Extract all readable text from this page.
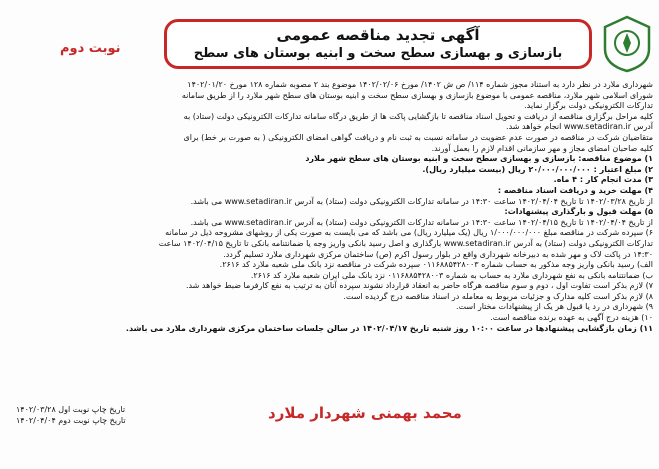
آگهی تجدید مناقصه عمومی
بازسازی و بهسازی سطح سخت و ابنیه بوستان های سطح
نوبت دوم

شهرداری ملارد در نظر دارد به استناد مجوز شماره ۱۱۴/ ص ش ۱۴۰۲/ مورخ ۱۴۰۲/۰۲/۰۶ موضوع بند ۲ مصوبه شماره ۱۲۸ مورخ ۱۴۰۲/۰۱/۲۰

شورای اسلامی شهر ملارد، مناقصه عمومی با موضوع بازسازی و بهسازی سطح سخت و ابنیه بوستان های سطح شهر ملارد را از طریق سامانه

تدارکات الکترونیکی دولت برگزار نماید.

کلیه مراحل برگزاری مناقصه از دریافت و تحویل اسناد مناقصه تا بازگشایی پاکت ها از طریق درگاه سامانه تدارکات الکترونیکی دولت (ستاد) به

آدرس www.setadiran.ir انجام خواهد شد.

متقاضیان شرکت در مناقصه در صورت عدم عضویت در سامانه نسبت به ثبت نام و دریافت گواهی امضای الکترونیکی ( به صورت بر خط) برای

کلیه صاحبان امضای مجاز و مهر سازمانی اقدام لازم را بعمل آورند.

۱) موضوع مناقصه: بازسازی و بهسازی سطح سخت و ابنیه بوستان های سطح شهر ملارد

۲) مبلغ اعتبار : ۲۰/۰۰۰/۰۰۰/۰۰۰ ریال (بیست میلیارد ریال).

۳) مدت انجام کار : ۴ ماه.

۴) مهلت خرید و دریافت اسناد مناقصه :

از تاریخ ۱۴۰۲/۰۳/۲۸ تا تاریخ ۱۴۰۲/۰۴/۰۴ ساعت ۱۴:۳۰ در سامانه تدارکات الکترونیکی دولت (ستاد) به آدرس www.setadiran.ir می باشد.

۵) مهلت قبول و بارگذاری پیشنهادات:

از تاریخ ۱۴۰۲/۰۴/۰۴ تا تاریخ ۱۴۰۲/۰۴/۱۵ ساعت ۱۴:۳۰ در سامانه تدارکات الکترونیکی دولت (ستاد) به آدرس www.setadiran.ir می باشد.

۶) سپرده شرکت در مناقصه مبلغ ۱/۰۰۰/۰۰۰/۰۰۰ ریال (یک میلیارد ریال) می باشد که می بایست به صورت یکی از روشهای مشروحه ذیل در سامانه

تدارکات الکترونیکی دولت (ستاد) به آدرس www.setadiran.ir بارگذاری و اصل رسید بانکی واریز وجه یا ضمانتنامه بانکی تا تاریخ ۱۴۰۲/۰۴/۱۵ ساعت

۱۴:۳۰ در پاکت لاک و مهر شده به دبیرخانه شهرداری واقع در بلوار رسول اکرم (ص) ساختمان مرکزی شهرداری ملارد تسلیم گردد.

الف) رسید بانکی واریز وجه مذکور به حساب شماره ۰۱۱۶۸۸۵۴۲۸۰۰۳ سپرده شرکت در مناقصه نزد بانک ملی شعبه ملارد کد ۲۶۱۶.

ب) ضمانتنامه بانکی به نفع شهرداری ملارد به حساب به شماره ۰۱۱۶۸۸۵۴۲۸۰۰۳ نزد بانک ملی ایران شعبه ملارد کد ۲۶۱۶.

۷) لازم بذکر است تفاوت اول ، دوم و سوم مناقصه هرگاه حاضر به انعقاد قرارداد نشوند سپرده آنان به ترتیب به نفع کارفرما ضبط خواهد شد.

۸) لازم بذکر است کلیه مدارک و جزئیات مربوط به معامله در اسناد مناقصه درج گردیده است.

۹) شهرداری در رد یا قبول هر یک از پیشنهادات مختار است.

۱۰) هزینه درج آگهی به عهده برنده مناقصه است.

۱۱) زمان بازگشایی پیشنهادها در ساعت ۱۰:۰۰ روز شنبه تاریخ ۱۴۰۲/۰۴/۱۷ در سالن جلسات ساختمان مرکزی شهرداری ملارد می باشد.

تاریخ چاپ نوبت اول ۱۴۰۲/۰۳/۲۸
تاریخ چاپ نوبت دوم ۱۴۰۲/۰۴/۰۴	محمد بهمنی شهردار ملارد
